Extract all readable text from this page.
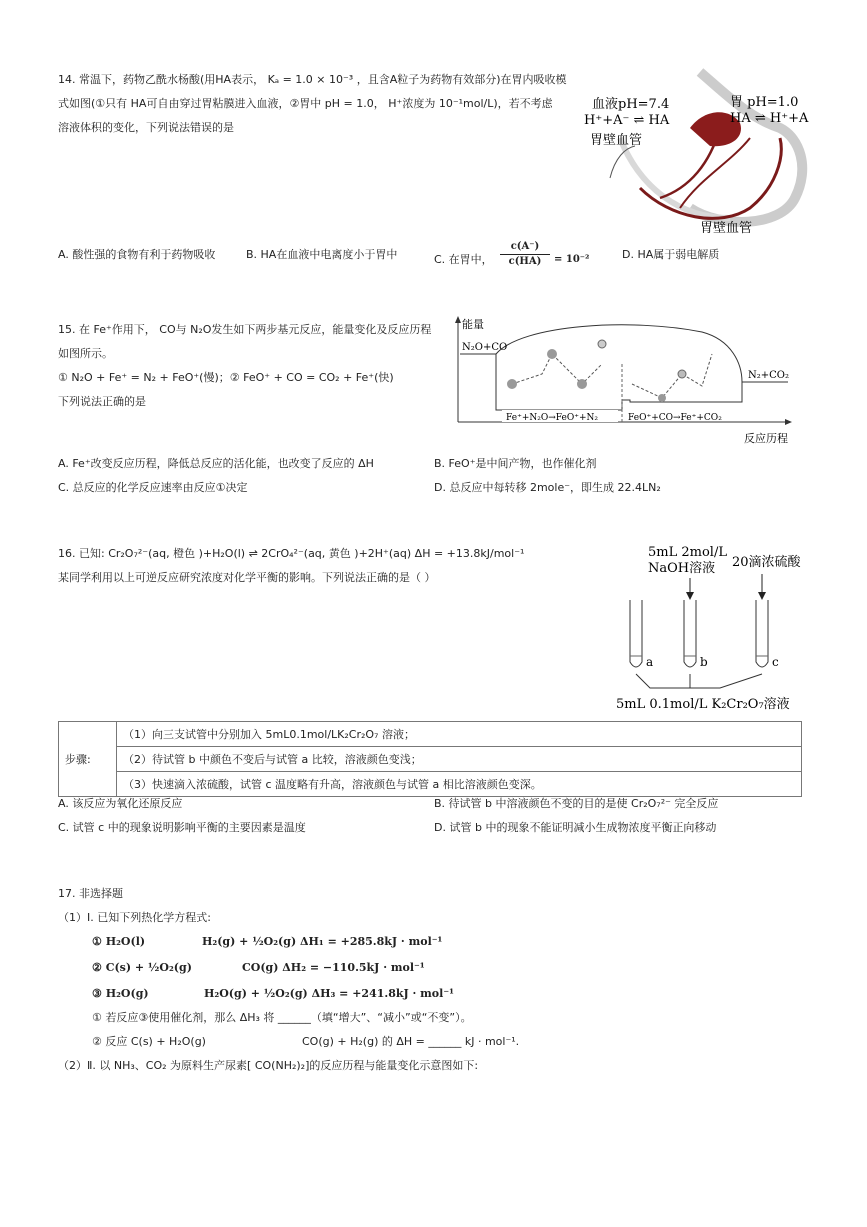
14. 常温下，药物乙酰水杨酸(用HA表示， Kₐ = 1.0 × 10⁻³ ，且含A粒子为药物有效部分)在胃内吸收模
式如图(①只有 HA可自由穿过胃粘膜进入血液，②胃中 pH = 1.0， H⁺浓度为 10⁻¹mol/L)，若不考虑
溶液体积的变化，下列说法错误的是
血液pH=7.4
H⁺+A⁻ ⇌ HA
胃壁血管
胃 pH=1.0
HA ⇌ H⁺+A
胃壁血管
A. 酸性强的食物有利于药物吸收	B. HA在血液中电离度小于胃中	C. 在胃中， $\frac{c(A^-)}{c(HA)} = 10^{-2}$	D. HA属于弱电解质
15. 在 Fe⁺作用下， CO与 N₂O发生如下两步基元反应，能量变化及反应历程
如图所示。
① N₂O + Fe⁺ = N₂ + FeO⁺(慢)；② FeO⁺ + CO = CO₂ + Fe⁺(快)
下列说法正确的是
能量
反应历程
N₂O+CO
N₂+CO₂
Fe⁺+N₂O→FeO⁺+N₂	FeO⁺+CO→Fe⁺+CO₂
A. Fe⁺改变反应历程，降低总反应的活化能，也改变了反应的 ΔH	B. FeO⁺是中间产物，也作催化剂
C. 总反应的化学反应速率由反应①决定	D. 总反应中每转移 2mole⁻，即生成 22.4LN₂
16. 已知: Cr₂O₇²⁻(aq, 橙色 )+H₂O(l) ⇌ 2CrO₄²⁻(aq, 黄色 )+2H⁺(aq) ΔH = +13.8kJ/mol⁻¹
某同学利用以上可逆反应研究浓度对化学平衡的影响。下列说法正确的是（ ）
5mL 2mol/L
NaOH溶液 20滴浓硫酸
a	b	c
5mL 0.1mol/L K₂Cr₂O₇溶液
步骤:	（1）向三支试管中分别加入 5mL0.1mol/LK₂Cr₂O₇ 溶液；
（2）待试管 b 中颜色不变后与试管 a 比较，溶液颜色变浅；
（3）快速滴入浓硫酸，试管 c 温度略有升高，溶液颜色与试管 a 相比溶液颜色变深。
A. 该反应为氧化还原反应	B. 待试管 b 中溶液颜色不变的目的是使 Cr₂O₇²⁻ 完全反应
C. 试管 c 中的现象说明影响平衡的主要因素是温度	D. 试管 b 中的现象不能证明减小生成物浓度平衡正向移动
17. 非选择题
（1）Ⅰ. 已知下列热化学方程式:
① H₂O(l)	H₂(g) + ½O₂(g) ΔH₁ = +285.8kJ · mol⁻¹
② C(s) + ½O₂(g)	CO(g) ΔH₂ = −110.5kJ · mol⁻¹
③ H₂O(g)	H₂O(g) + ½O₂(g) ΔH₃ = +241.8kJ · mol⁻¹
① 若反应③使用催化剂，那么 ΔH₃ 将 ______（填“增大”、“减小”或“不变”）。
② 反应 C(s) + H₂O(g)	CO(g) + H₂(g) 的 ΔH = ______ kJ · mol⁻¹.
（2）Ⅱ. 以 NH₃、CO₂ 为原料生产尿素[ CO(NH₂)₂]的反应历程与能量变化示意图如下:
